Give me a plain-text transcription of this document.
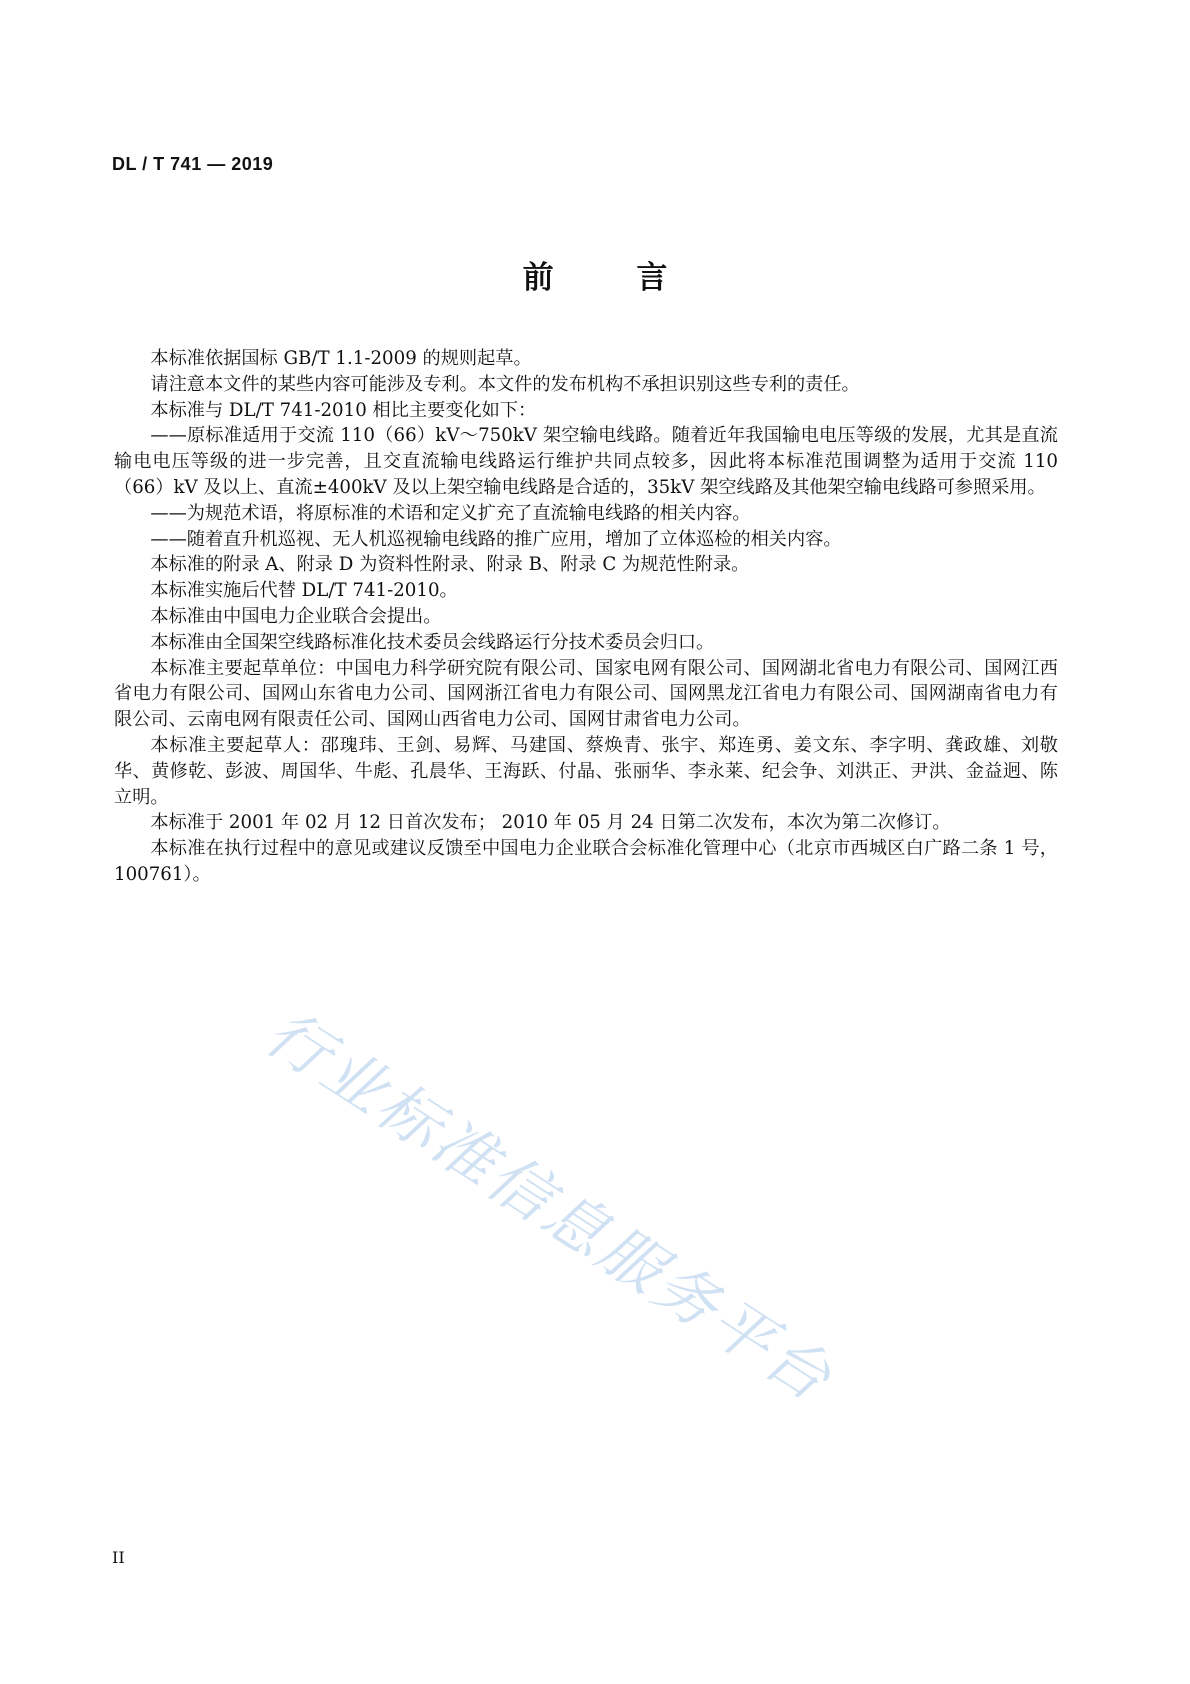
DL / T 741 — 2019
前 言

本标准依据国标 GB/T 1.1-2009 的规则起草。

请注意本文件的某些内容可能涉及专利。本文件的发布机构不承担识别这些专利的责任。

本标准与 DL/T 741-2010 相比主要变化如下：

——原标准适用于交流 110（66）kV～750kV 架空输电线路。随着近年我国输电电压等级的发展，尤其是直流输电电压等级的进一步完善，且交直流输电线路运行维护共同点较多，因此将本标准范围调整为适用于交流 110（66）kV 及以上、直流±400kV 及以上架空输电线路是合适的，35kV 架空线路及其他架空输电线路可参照采用。

——为规范术语，将原标准的术语和定义扩充了直流输电线路的相关内容。

——随着直升机巡视、无人机巡视输电线路的推广应用，增加了立体巡检的相关内容。

本标准的附录 A、附录 D 为资料性附录、附录 B、附录 C 为规范性附录。

本标准实施后代替 DL/T 741-2010。

本标准由中国电力企业联合会提出。

本标准由全国架空线路标准化技术委员会线路运行分技术委员会归口。

本标准主要起草单位：中国电力科学研究院有限公司、国家电网有限公司、国网湖北省电力有限公司、国网江西省电力有限公司、国网山东省电力公司、国网浙江省电力有限公司、国网黑龙江省电力有限公司、国网湖南省电力有限公司、云南电网有限责任公司、国网山西省电力公司、国网甘肃省电力公司。

本标准主要起草人：邵瑰玮、王剑、易辉、马建国、蔡焕青、张宇、郑连勇、姜文东、李字明、龚政雄、刘敬华、黄修乾、彭波、周国华、牛彪、孔晨华、王海跃、付晶、张丽华、李永莱、纪会争、刘洪正、尹洪、金益迥、陈立明。

本标准于 2001 年 02 月 12 日首次发布； 2010 年 05 月 24 日第二次发布，本次为第二次修订。

本标准在执行过程中的意见或建议反馈至中国电力企业联合会标准化管理中心（北京市西城区白广路二条 1 号，100761）。

行业标准信息服务平台
II
